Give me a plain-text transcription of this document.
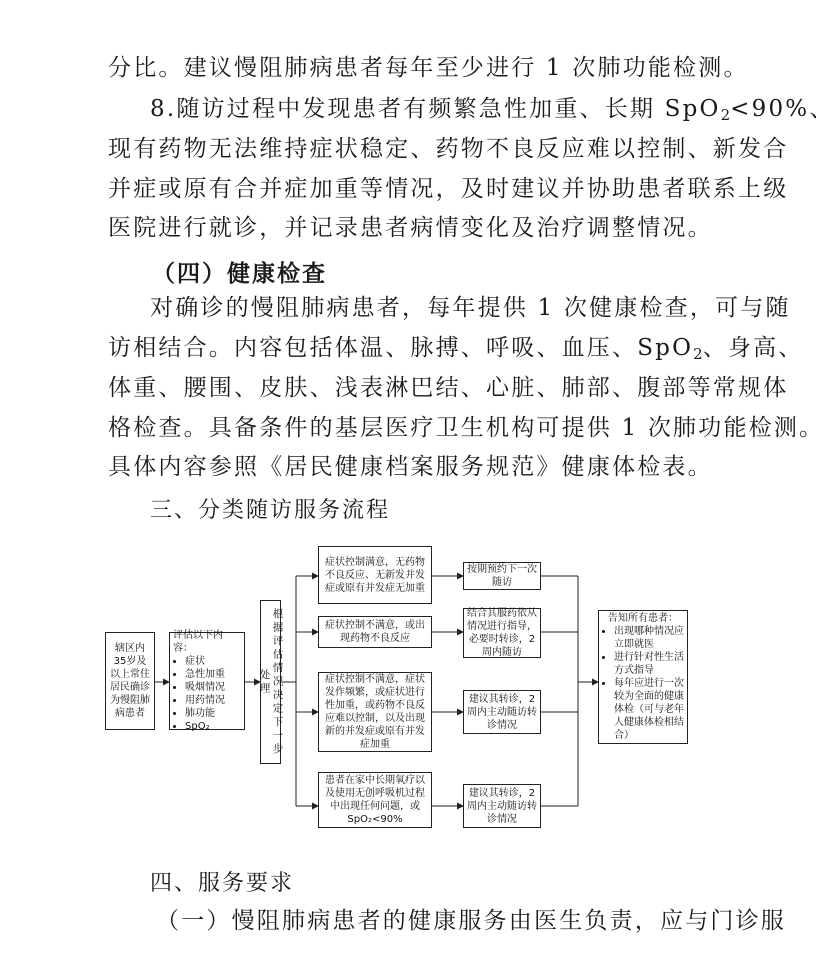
分比。建议慢阻肺病患者每年至少进行 1 次肺功能检测。
8.随访过程中发现患者有频繁急性加重、长期 SpO$_2$<90%、
现有药物无法维持症状稳定、药物不良反应难以控制、新发合
并症或原有合并症加重等情况，及时建议并协助患者联系上级
医院进行就诊，并记录患者病情变化及治疗调整情况。
（四）健康检查
对确诊的慢阻肺病患者，每年提供 1 次健康检查，可与随
访相结合。内容包括体温、脉搏、呼吸、血压、SpO$_2$、身高、
体重、腰围、皮肤、浅表淋巴结、心脏、肺部、腹部等常规体
格检查。具备条件的基层医疗卫生机构可提供 1 次肺功能检测。
具体内容参照《居民健康档案服务规范》健康体检表。
三、分类随访服务流程
辖区内35岁及以上常住居民确诊为慢阻肺病患者
评估以下内容：
• 症状
• 急性加重
• 吸烟情况
• 用药情况
• 肺功能
• SpO₂	根据评估情况决定下一步处理
症状控制满意，无药物不良反应、无新发并发症或原有并发症无加重
症状控制不满意，或出现药物不良反应
症状控制不满意，症状发作频繁，或症状进行性加重，或药物不良反应难以控制，以及出现新的并发症或原有并发症加重
患者在家中长期氧疗以及使用无创呼吸机过程中出现任何问题，或SpO₂<90%
按期预约下一次随访
结合其服药依从情况进行指导，必要时转诊，2周内随访
建议其转诊，2周内主动随访转诊情况
建议其转诊，2周内主动随访转诊情况
告知所有患者：
• 出现哪种情况应立即就医
• 进行针对性生活方式指导
• 每年应进行一次较为全面的健康体检（可与老年人健康体检相结合）
四、服务要求
（一）慢阻肺病患者的健康服务由医生负责，应与门诊服
